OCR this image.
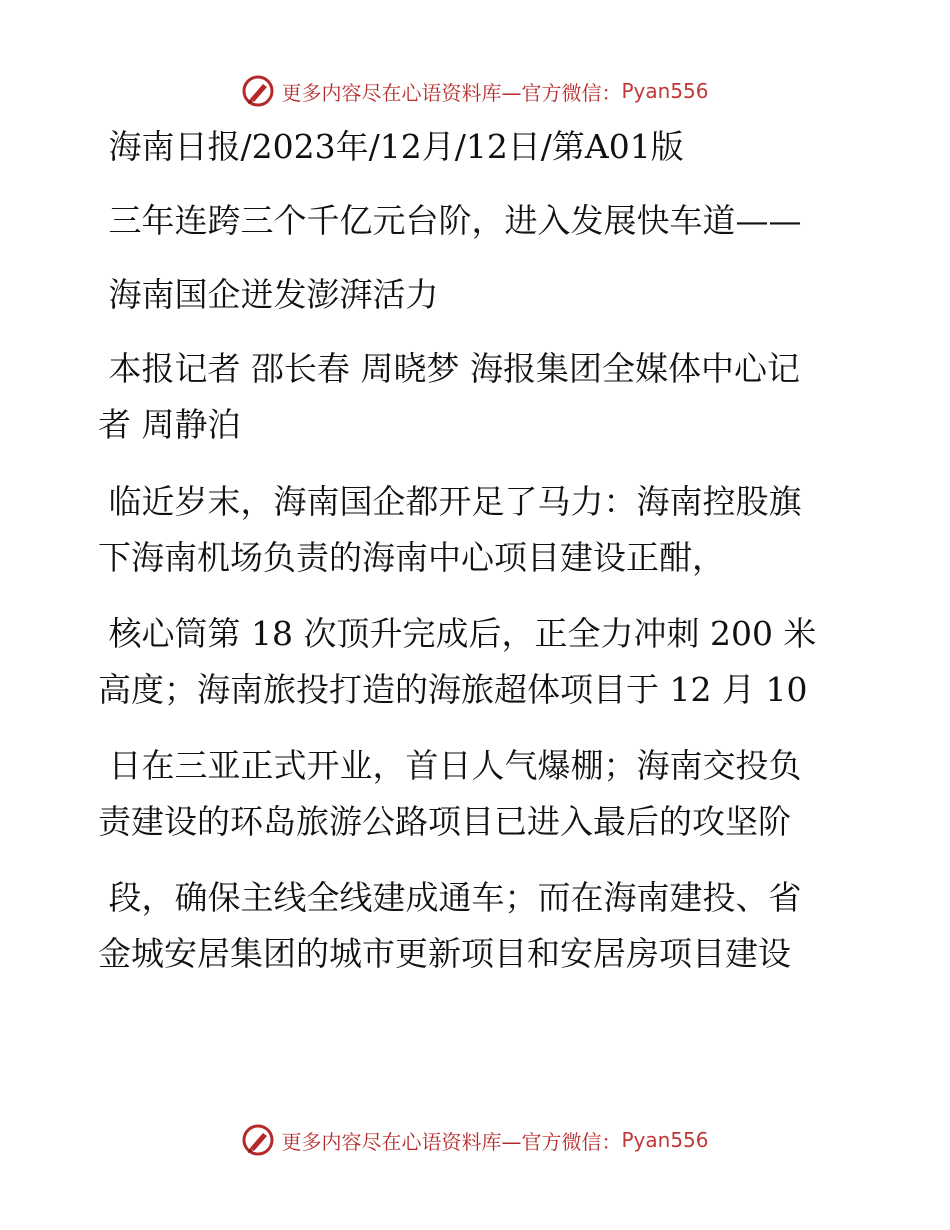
更多内容尽在心语资料库 —官方微信： Pyan556
海南日报/2023年/12月/12日/第A01版
三年连跨三个千亿元台阶，进入发展快车道——
海南国企迸发澎湃活力
本报记者 邵长春 周晓梦 海报集团全媒体中心记
者 周静泊
临近岁末，海南国企都开足了马力：海南控股旗
下海南机场负责的海南中心项目建设正酣，
核心筒第 18 次顶升完成后，正全力冲刺 200 米
高度；海南旅投打造的海旅超体项目于 12 月 10
日在三亚正式开业，首日人气爆棚；海南交投负
责建设的环岛旅游公路项目已进入最后的攻坚阶
段，确保主线全线建成通车；而在海南建投、省
金城安居集团的城市更新项目和安居房项目建设
更多内容尽在心语资料库 —官方微信： Pyan556
